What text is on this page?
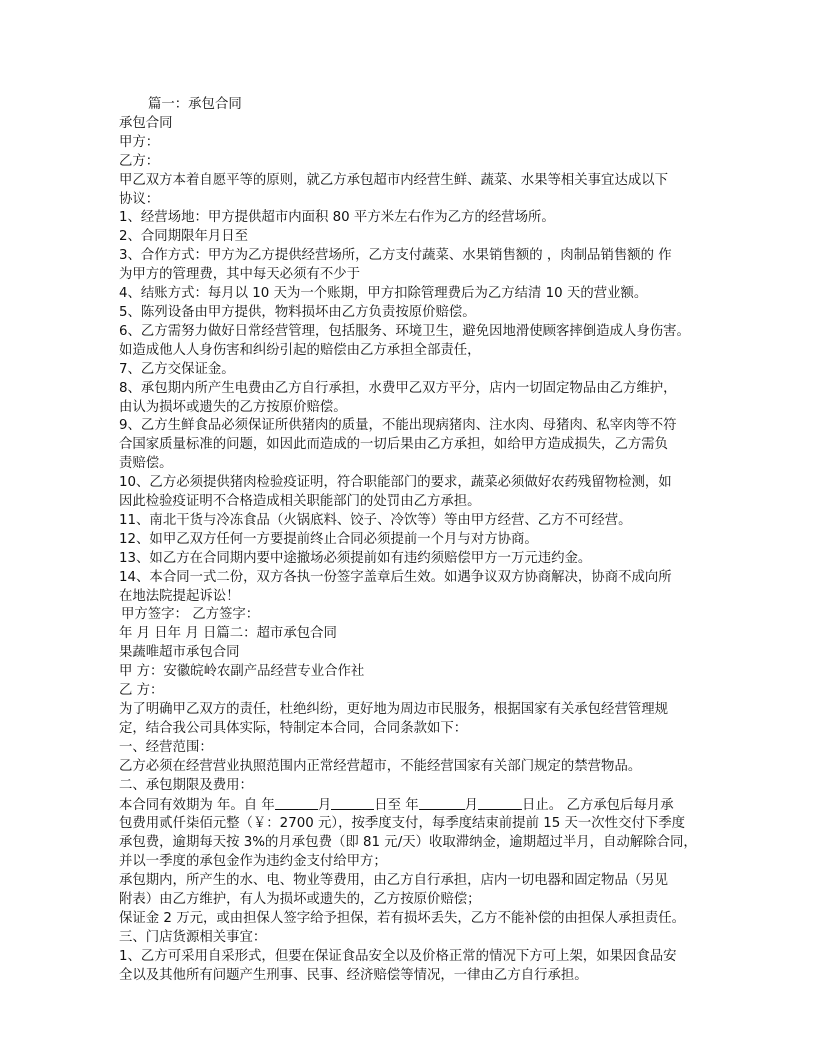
篇一：承包合同
承包合同
甲方：
乙方：
甲乙双方本着自愿平等的原则，就乙方承包超市内经营生鲜、蔬菜、水果等相关事宜达成以下
协议：
1、经营场地：甲方提供超市内面积 80 平方米左右作为乙方的经营场所。
2、合同期限年月日至
3、合作方式：甲方为乙方提供经营场所，乙方支付蔬菜、水果销售额的 ，肉制品销售额的 作
为甲方的管理费，其中每天必须有不少于
4、结账方式：每月以 10 天为一个账期，甲方扣除管理费后为乙方结清 10 天的营业额。
5、陈列设备由甲方提供，物料损坏由乙方负责按原价赔偿。
6、乙方需努力做好日常经营管理，包括服务、环境卫生，避免因地滑使顾客摔倒造成人身伤害。
如造成他人人身伤害和纠纷引起的赔偿由乙方承担全部责任，
7、乙方交保证金。
8、承包期内所产生电费由乙方自行承担，水费甲乙双方平分，店内一切固定物品由乙方维护，
由认为损坏或遗失的乙方按原价赔偿。
9、乙方生鲜食品必须保证所供猪肉的质量，不能出现病猪肉、注水肉、母猪肉、私宰肉等不符
合国家质量标准的问题，如因此而造成的一切后果由乙方承担，如给甲方造成损失，乙方需负
责赔偿。
10、乙方必须提供猪肉检验疫证明，符合职能部门的要求，蔬菜必须做好农药残留物检测，如
因此检验疫证明不合格造成相关职能部门的处罚由乙方承担。
11、南北干货与冷冻食品（火锅底料、饺子、冷饮等）等由甲方经营、乙方不可经营。
12、如甲乙双方任何一方要提前终止合同必须提前一个月与对方协商。
13、如乙方在合同期内要中途撤场必须提前如有违约须赔偿甲方一万元违约金。
14、本合同一式二份，双方各执一份签字盖章后生效。如遇争议双方协商解决，协商不成向所
在地法院提起诉讼！
甲方签字： 乙方签字：
年 月 日年 月 日篇二：超市承包合同
果蔬唯超市承包合同
甲 方：安徽皖岭农副产品经营专业合作社
乙 方：
为了明确甲乙双方的责任，杜绝纠纷，更好地为周边市民服务，根据国家有关承包经营管理规
定，结合我公司具体实际，特制定本合同，合同条款如下：
一、经营范围：
乙方必须在经营营业执照范围内正常经营超市，不能经营国家有关部门规定的禁营物品。
二、承包期限及费用：
本合同有效期为 年。自 年	月	日至 年	月	日止。 乙方承包后每月承
包费用贰仟柒佰元整（￥：2700 元），按季度支付，每季度结束前提前 15 天一次性交付下季度
承包费，逾期每天按 3%的月承包费（即 81 元/天）收取滞纳金，逾期超过半月，自动解除合同，
并以一季度的承包金作为违约金支付给甲方；
承包期内，所产生的水、电、物业等费用，由乙方自行承担，店内一切电器和固定物品（另见
附表）由乙方维护，有人为损坏或遗失的，乙方按原价赔偿；
保证金 2 万元，或由担保人签字给予担保，若有损坏丢失，乙方不能补偿的由担保人承担责任。
三、门店货源相关事宜：
1、乙方可采用自采形式，但要在保证食品安全以及价格正常的情况下方可上架，如果因食品安
全以及其他所有问题产生刑事、民事、经济赔偿等情况，一律由乙方自行承担。
